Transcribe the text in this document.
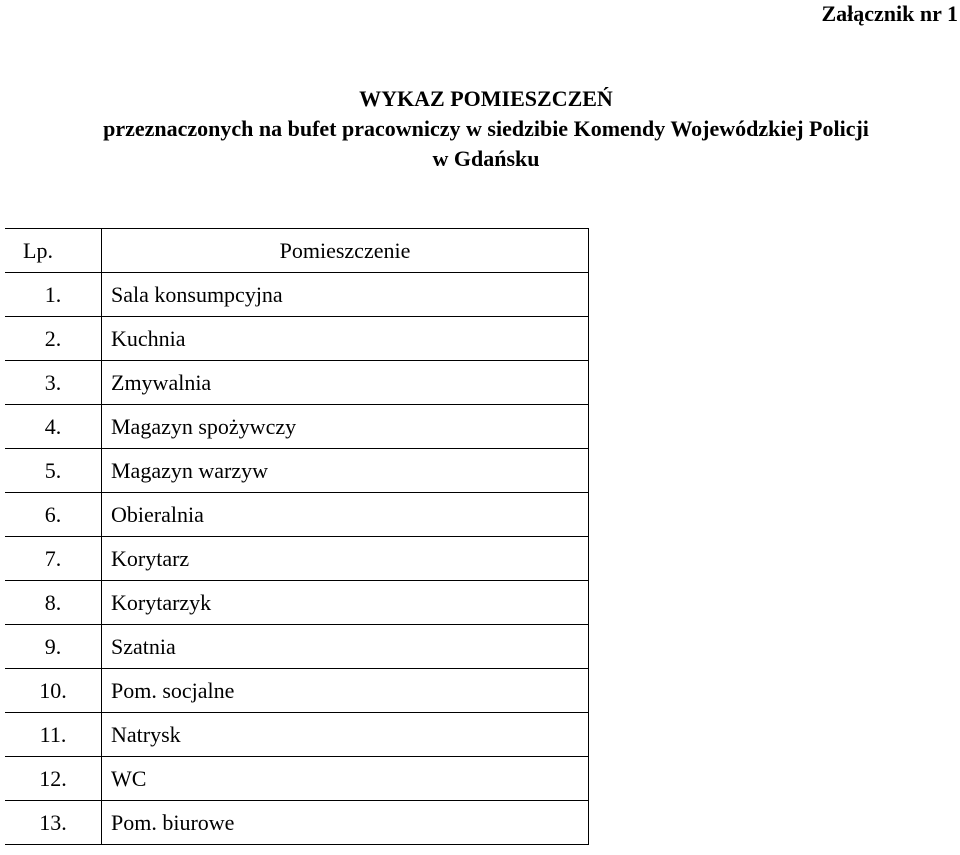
Załącznik nr 1
WYKAZ POMIESZCZEŃ
przeznaczonych na bufet pracowniczy w siedzibie Komendy Wojewódzkiej Policji
w Gdańsku
Lp.	Pomieszczenie
1.	Sala konsumpcyjna
2.	Kuchnia
3.	Zmywalnia
4.	Magazyn spożywczy
5.	Magazyn warzyw
6.	Obieralnia
7.	Korytarz
8.	Korytarzyk
9.	Szatnia
10.	Pom. socjalne
11.	Natrysk
12.	WC
13.	Pom. biurowe
